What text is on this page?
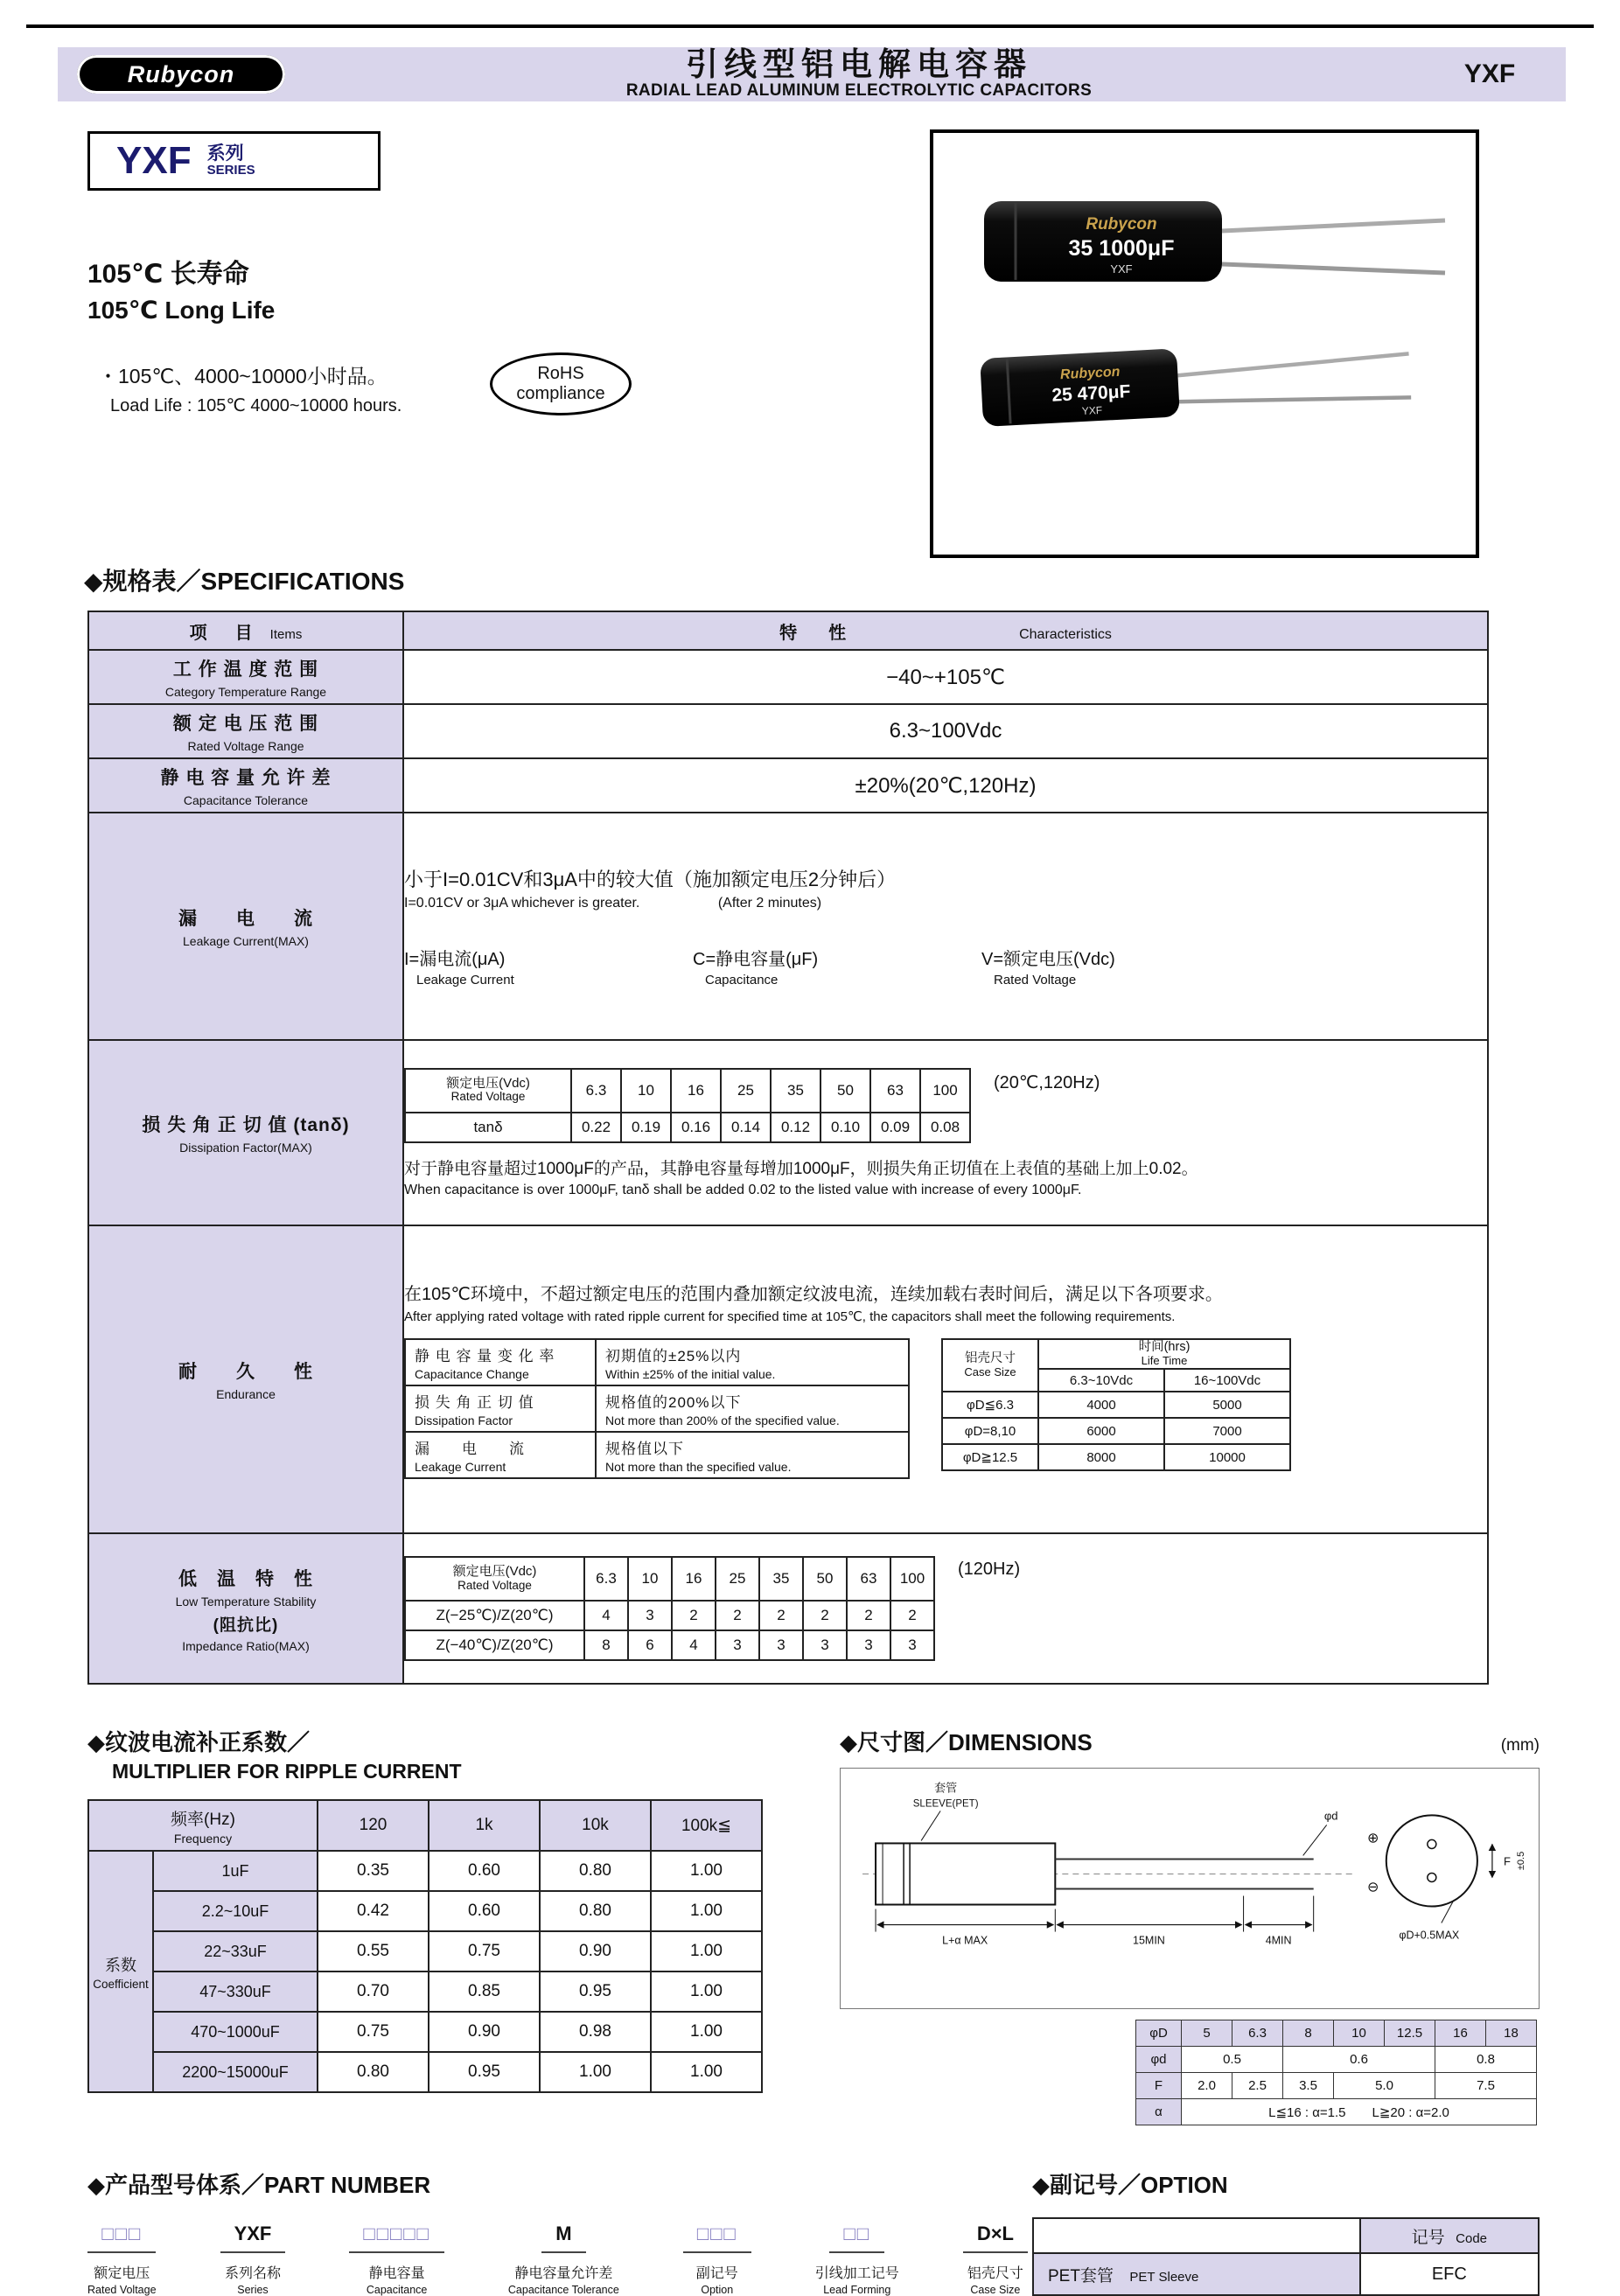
Rubycon	引线型铝电解电容器
RADIAL LEAD ALUMINUM ELECTROLYTIC CAPACITORS
YXF
YXF 系列
SERIES
105℃ 长寿命
105℃ Long Life
・105℃、4000~10000小时品。
Load Life : 105℃ 4000~10000 hours.
RoHS
compliance
Rubycon
35 1000μF
YXF
Rubycon
25 470μF
YXF
◆规格表／SPECIFICATIONS
项　目 Items	特　性	Characteristics

工 作 温 度 范 围
Category Temperature Range
	−40~+105℃

额 定 电 压 范 围
Rated Voltage Range
	6.3~100Vdc

静 电 容 量 允 许 差
Capacitance Tolerance
	±20%(20℃,120Hz)

漏　　电　　流
Leakage Current(MAX)

小于I=0.01CV和3μA中的较大值（施加额定电压2分钟后）
I=0.01CV or 3μA whichever is greater.	(After 2 minutes)
I=漏电流(μA)
Leakage Current
C=静电容量(μF)
Capacitance
V=额定电压(Vdc)
Rated Voltage

损 失 角 正 切 值 (tanδ)
Dissipation Factor(MAX)

额定电压(Vdc)
Rated Voltage	6.3	10	16	25	35	50	63	100
tanδ	0.22	0.19	0.16	0.14	0.12	0.10	0.09	0.08
(20℃,120Hz)
对于静电容量超过1000μF的产品，其静电容量每增加1000μF，则损失角正切值在上表值的基础上加上0.02。
When capacitance is over 1000μF, tanδ shall be added 0.02 to the listed value with increase of every 1000μF.

耐　　久　　性
Endurance

在105℃环境中，不超过额定电压的范围内叠加额定纹波电流，连续加载右表时间后，满足以下各项要求。
After applying rated voltage with rated ripple current for specified time at 105℃, the capacitors shall meet the following requirements.
静 电 容 量 变 化 率
Capacitance Change

初期值的±25%以内
Within ±25% of the initial value.

损 失 角 正 切 值
Dissipation Factor

规格值的200%以下
Not more than 200% of the specified value.

漏　　电　　流
Leakage Current

规格值以下
Not more than the specified value.
铝壳尺寸
Case Size

时间(hrs)
Life Time

6.3~10Vdc	16~100Vdc
φD≦6.3	4000	5000
φD=8,10	6000	7000
φD≧12.5	8000	10000

低　温　特　性
Low Temperature Stability
(阻抗比)
Impedance Ratio(MAX)

额定电压(Vdc)
Rated Voltage	6.3	10	16	25	35	50	63	100
Z(−25℃)/Z(20℃)	4	3	2	2	2	2	2	2
Z(−40℃)/Z(20℃)	8	6	4	3	3	3	3	3
(120Hz)
◆纹波电流补正系数／
MULTIPLIER FOR RIPPLE CURRENT
频率(Hz)
Frequency		120	1k	10k	100k≦

系数
Coefficient	1uF	0.35	0.60	0.80	1.00
	2.2~10uF	0.42	0.60	0.80	1.00
	22~33uF	0.55	0.75	0.90	1.00
	47~330uF	0.70	0.85	0.95	1.00
	470~1000uF	0.75	0.90	0.98	1.00
	2200~15000uF	0.80	0.95	1.00	1.00
◆尺寸图／DIMENSIONS	(mm)
套管
SLEEVE(PET)
φd
L+α MAX	15MIN	4MIN
⊕
⊖
F ±0.5
φD+0.5MAX
φD	5	6.3	8	10	12.5	16	18
φd	0.5		0.6			0.8	
F	2.0	2.5	3.5	5.0		7.5	
α	L≦16 : α=1.5　　L≧20 : α=2.0						
◆产品型号体系／PART NUMBER
□□□
额定电压
Rated Voltage
YXF
系列名称
Series
□□□□□
静电容量
Capacitance
M
静电容量允许差
Capacitance Tolerance
□□□
副记号
Option
□□
引线加工记号
Lead Forming
D×L
铝壳尺寸
Case Size
◆副记号／OPTION
	记号 Code
PET套管 PET Sleeve	EFC
